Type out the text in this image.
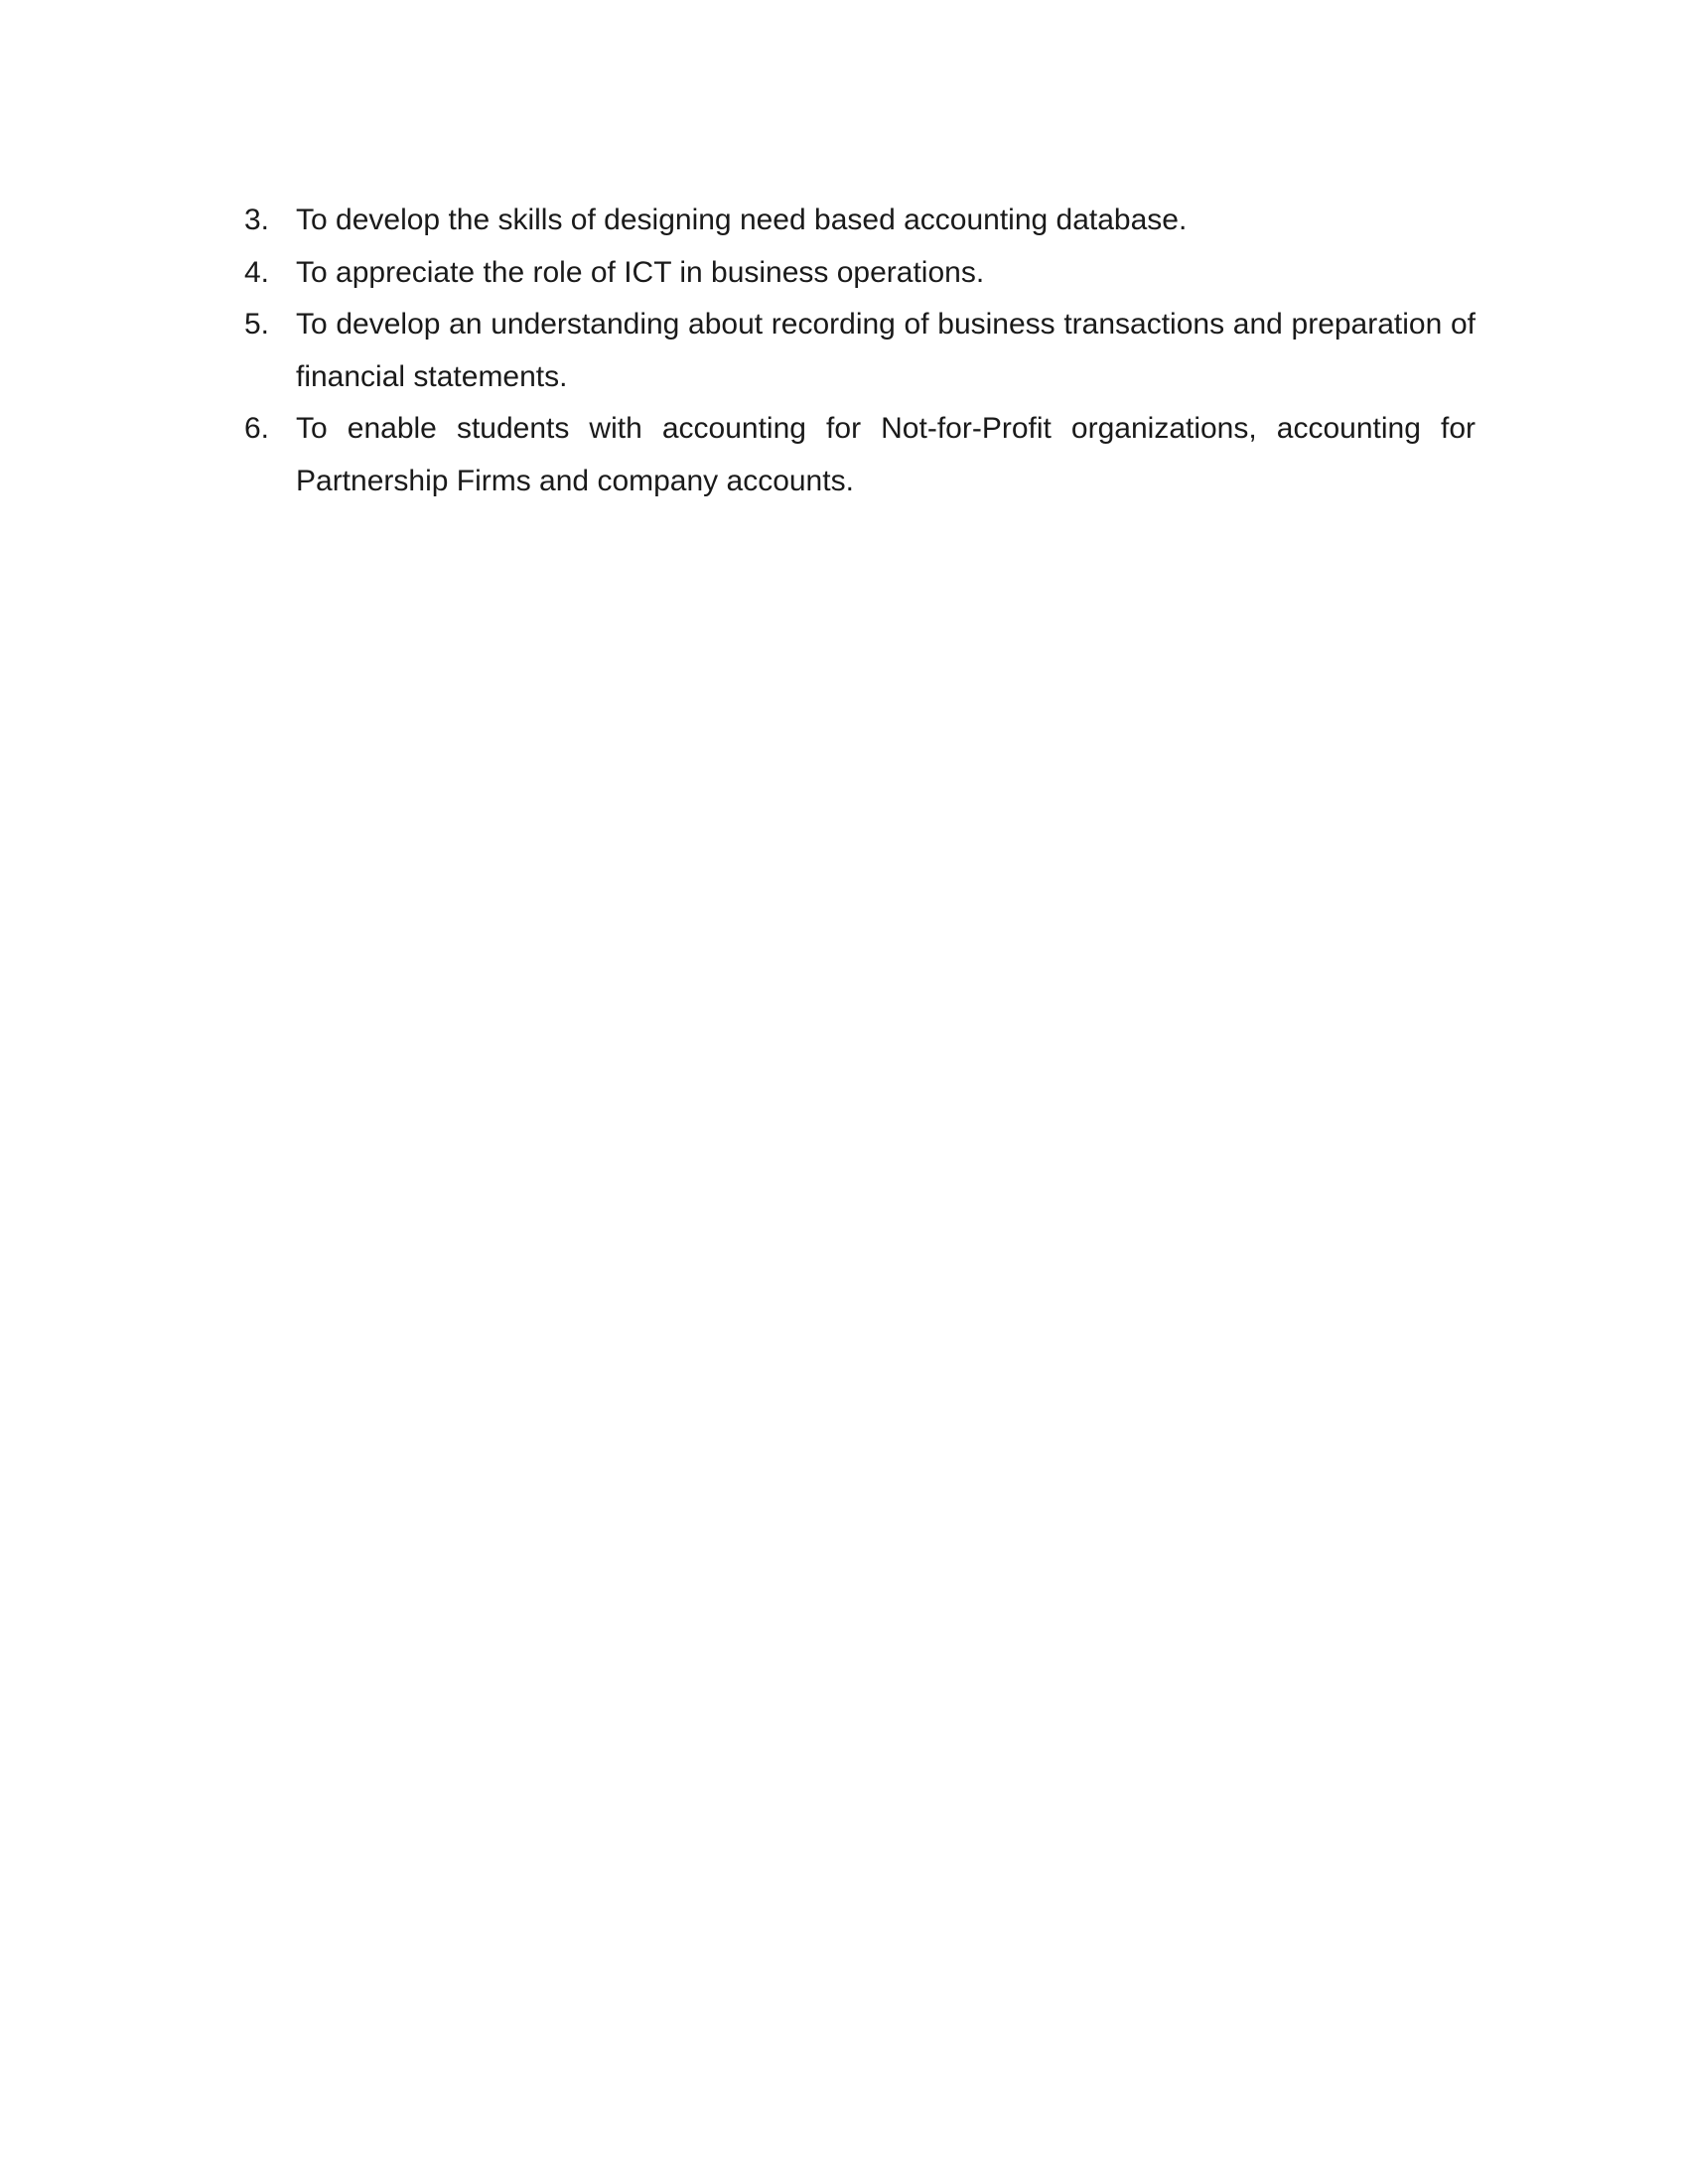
3. To develop the skills of designing need based accounting database.
4. To appreciate the role of ICT in business operations.
5. To develop an understanding about recording of business transactions and preparation of financial statements.
6. To enable students with accounting for Not-for-Profit organizations, accounting for Partnership Firms and company accounts.
